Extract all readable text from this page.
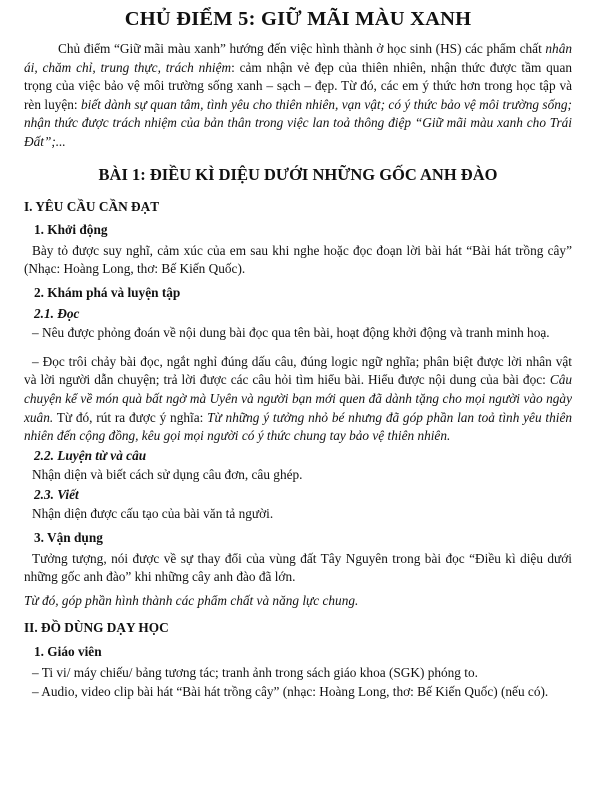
CHỦ ĐIỂM 5: GIỮ MÃI MÀU XANH

Chủ điểm “Giữ mãi màu xanh” hướng đến việc hình thành ở học sinh (HS) các phẩm chất nhân ái, chăm chỉ, trung thực, trách nhiệm: cảm nhận vẻ đẹp của thiên nhiên, nhận thức được tầm quan trọng của việc bảo vệ môi trường sống xanh – sạch – đẹp. Từ đó, các em ý thức hơn trong học tập và rèn luyện: biết dành sự quan tâm, tình yêu cho thiên nhiên, vạn vật; có ý thức bảo vệ môi trường sống; nhận thức được trách nhiệm của bản thân trong việc lan toả thông điệp “Giữ mãi màu xanh cho Trái Đất”;...

BÀI 1: ĐIỀU KÌ DIỆU DƯỚI NHỮNG GỐC ANH ĐÀO
I. YÊU CẦU CẦN ĐẠT
1. Khởi động

Bày tỏ được suy nghĩ, cảm xúc của em sau khi nghe hoặc đọc đoạn lời bài hát “Bài hát trồng cây” (Nhạc: Hoàng Long, thơ: Bế Kiến Quốc).

2. Khám phá và luyện tập
2.1. Đọc

– Nêu được phỏng đoán về nội dung bài đọc qua tên bài, hoạt động khởi động và tranh minh hoạ.

– Đọc trôi chảy bài đọc, ngắt nghỉ đúng dấu câu, đúng logic ngữ nghĩa; phân biệt được lời nhân vật và lời người dẫn chuyện; trả lời được các câu hỏi tìm hiểu bài. Hiểu được nội dung của bài đọc: Câu chuyện kể về món quà bất ngờ mà Uyên và người bạn mới quen đã dành tặng cho mọi người vào ngày xuân. Từ đó, rút ra được ý nghĩa: Từ những ý tưởng nhỏ bé nhưng đã góp phần lan toả tình yêu thiên nhiên đến cộng đồng, kêu gọi mọi người có ý thức chung tay bảo vệ thiên nhiên.

2.2. Luyện từ và câu

Nhận diện và biết cách sử dụng câu đơn, câu ghép.

2.3. Viết

Nhận diện được cấu tạo của bài văn tả người.

3. Vận dụng

Tưởng tượng, nói được về sự thay đổi của vùng đất Tây Nguyên trong bài đọc “Điều kì diệu dưới những gốc anh đào” khi những cây anh đào đã lớn.

Từ đó, góp phần hình thành các phẩm chất và năng lực chung.

II. ĐỒ DÙNG DẠY HỌC
1. Giáo viên

– Ti vi/ máy chiếu/ bảng tương tác; tranh ảnh trong sách giáo khoa (SGK) phóng to.

– Audio, video clip bài hát “Bài hát trồng cây” (nhạc: Hoàng Long, thơ: Bế Kiến Quốc) (nếu có).
